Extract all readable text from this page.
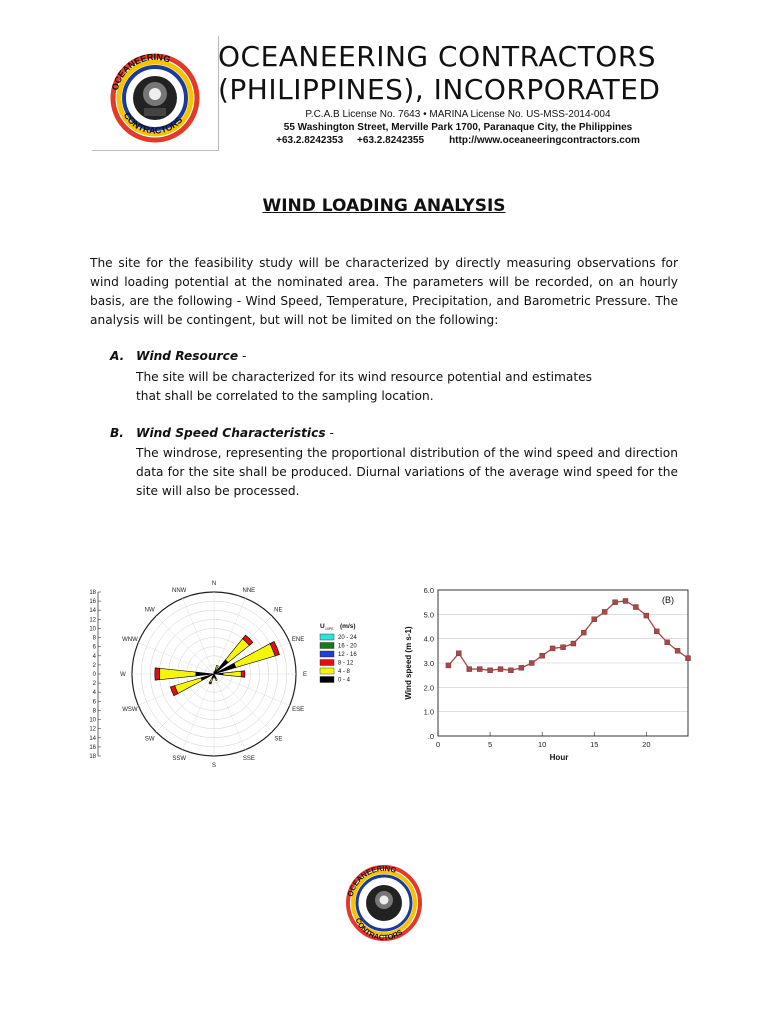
OCEANEERING
CONTRACTORS
OCEANEERING CONTRACTORS
(PHILIPPINES), INCORPORATED
P.C.A.B License No. 7643 • MARINA License No. US-MSS-2014-004
55 Washington Street, Merville Park 1700, Paranaque City, the Philippines
+63.2.8242353 +63.2.8242355	http://www.oceaneeringcontractors.com
WIND LOADING ANALYSIS
The site for the feasibility study will be characterized by directly measuring observations for wind loading potential at the nominated area. The parameters will be recorded, on an hourly basis, are the following - Wind Speed, Temperature, Precipitation, and Barometric Pressure. The analysis will be contingent, but will not be limited on the following:
A. Wind Resource -
The site will be characterized for its wind resource potential and estimates
that shall be correlated to the sampling location.
B. Wind Speed Characteristics -
The windrose, representing the proportional distribution of the wind speed and direction data for the site shall be produced. Diurnal variations of the average wind speed for the site will also be processed.
18
16
14
12
10
8
6
4
2
0
2
4
6
8
10
12
14
16
18
N
NNE
NE
ENE
E
ESE
SE
SSE
S
SSW
SW
WSW
W
WNW
NW
NNW
U 10PE (m/s)
20 - 24
16 - 20
12 - 16
8 - 12
4 - 8
0 - 4
.0
1.0
2.0
3.0
4.0
5.0
6.0
0	5	10	15	20
Hour
Wind speed (m s-1)
(B)
OCEANEERING
CONTRACTORS
